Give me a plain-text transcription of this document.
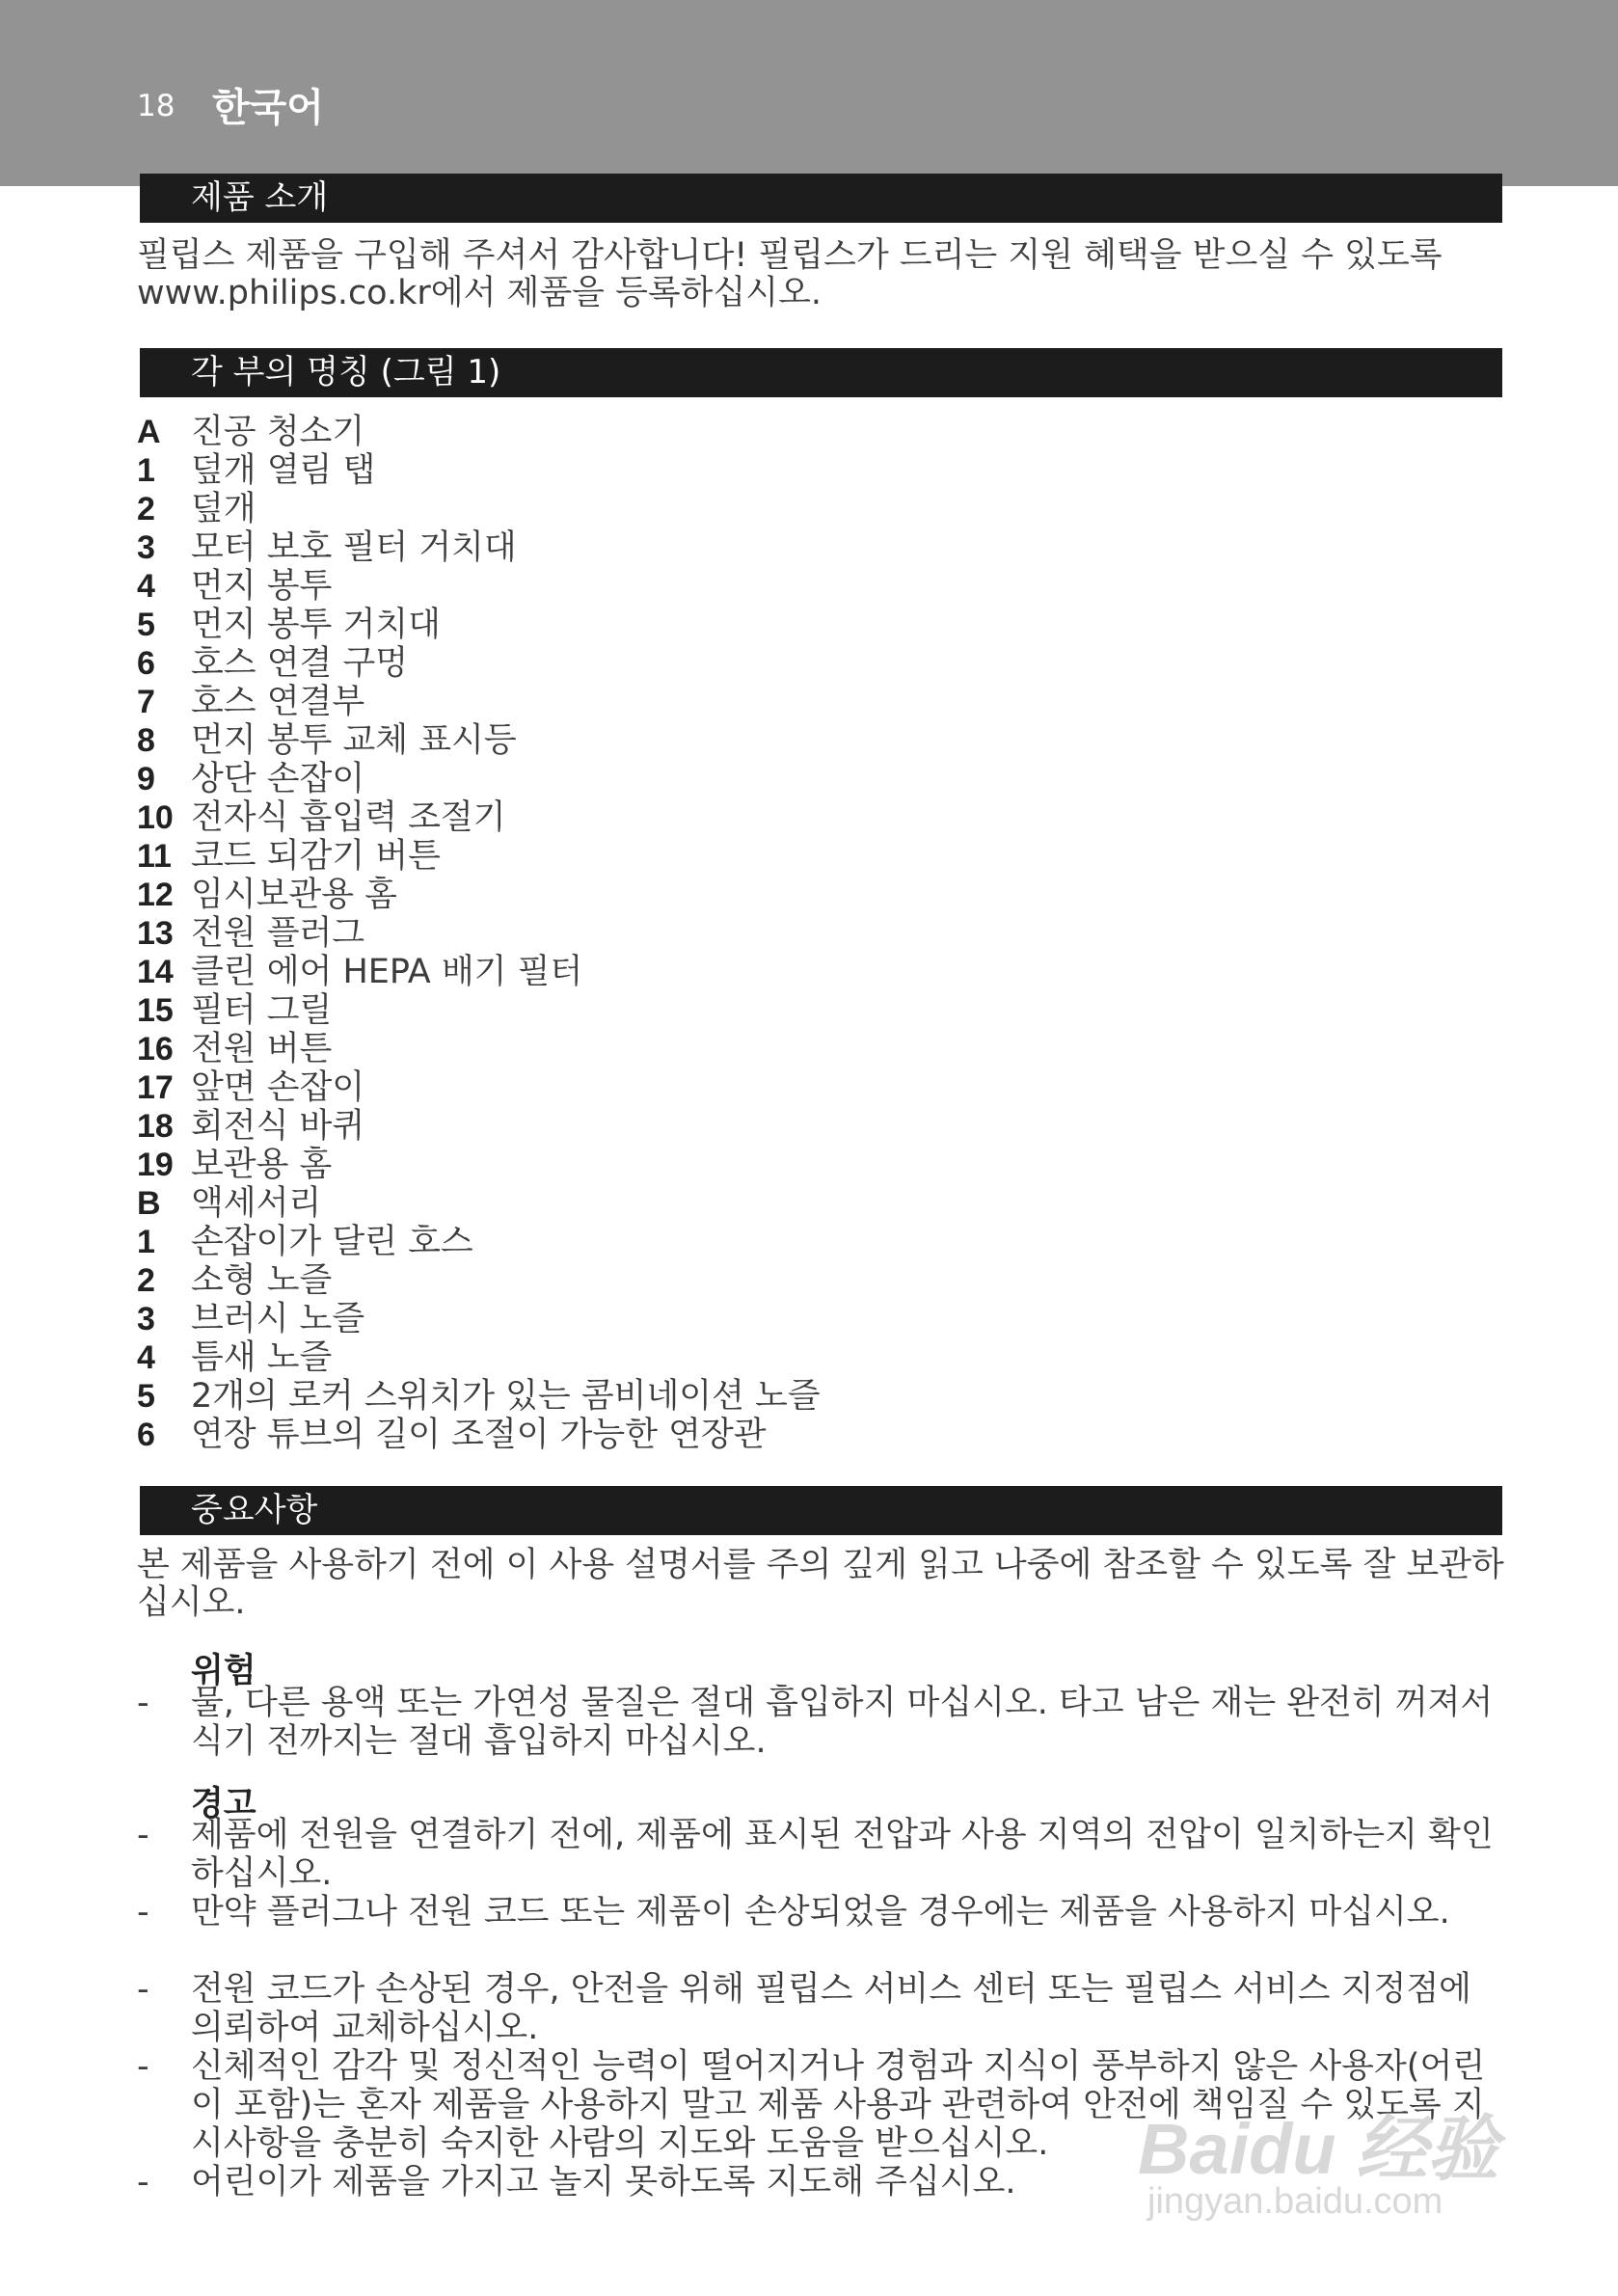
18 한국어
제품 소개

필립스 제품을 구입해 주셔서 감사합니다! 필립스가 드리는 지원 혜택을 받으실 수 있도록 www.philips.co.kr에서 제품을 등록하십시오.

각 부의 명칭 (그림 1)
A 진공 청소기
1	덮개 열림 탭
2	덮개
3	모터 보호 필터 거치대
4	먼지 봉투
5	먼지 봉투 거치대
6	호스 연결 구멍
7	호스 연결부
8	먼지 봉투 교체 표시등
9	상단 손잡이
10 전자식 흡입력 조절기
11 코드 되감기 버튼
12 임시보관용 홈
13 전원 플러그
14 클린 에어 HEPA 배기 필터
15 필터 그릴
16 전원 버튼
17 앞면 손잡이
18 회전식 바퀴
19 보관용 홈
B 액세서리
1	손잡이가 달린 호스
2	소형 노즐
3	브러시 노즐
4	틈새 노즐
5	2개의 로커 스위치가 있는 콤비네이션 노즐
6	연장 튜브의 길이 조절이 가능한 연장관
중요사항

본 제품을 사용하기 전에 이 사용 설명서를 주의 깊게 읽고 나중에 참조할 수 있도록 잘 보관하십시오.

위험
- 물, 다른 용액 또는 가연성 물질은 절대 흡입하지 마십시오. 타고 남은 재는 완전히 꺼져서 식기 전까지는 절대 흡입하지 마십시오.
경고
- 제품에 전원을 연결하기 전에, 제품에 표시된 전압과 사용 지역의 전압이 일치하는지 확인하십시오.
- 만약 플러그나 전원 코드 또는 제품이 손상되었을 경우에는 제품을 사용하지 마십시오.
- 전원 코드가 손상된 경우, 안전을 위해 필립스 서비스 센터 또는 필립스 서비스 지정점에 의뢰하여 교체하십시오.
- 신체적인 감각 및 정신적인 능력이 떨어지거나 경험과 지식이 풍부하지 않은 사용자(어린이 포함)는 혼자 제품을 사용하지 말고 제품 사용과 관련하여 안전에 책임질 수 있도록 지시사항을 충분히 숙지한 사람의 지도와 도움을 받으십시오.
- 어린이가 제품을 가지고 놀지 못하도록 지도해 주십시오.	Baidu 经验
jingyan.baidu.com
